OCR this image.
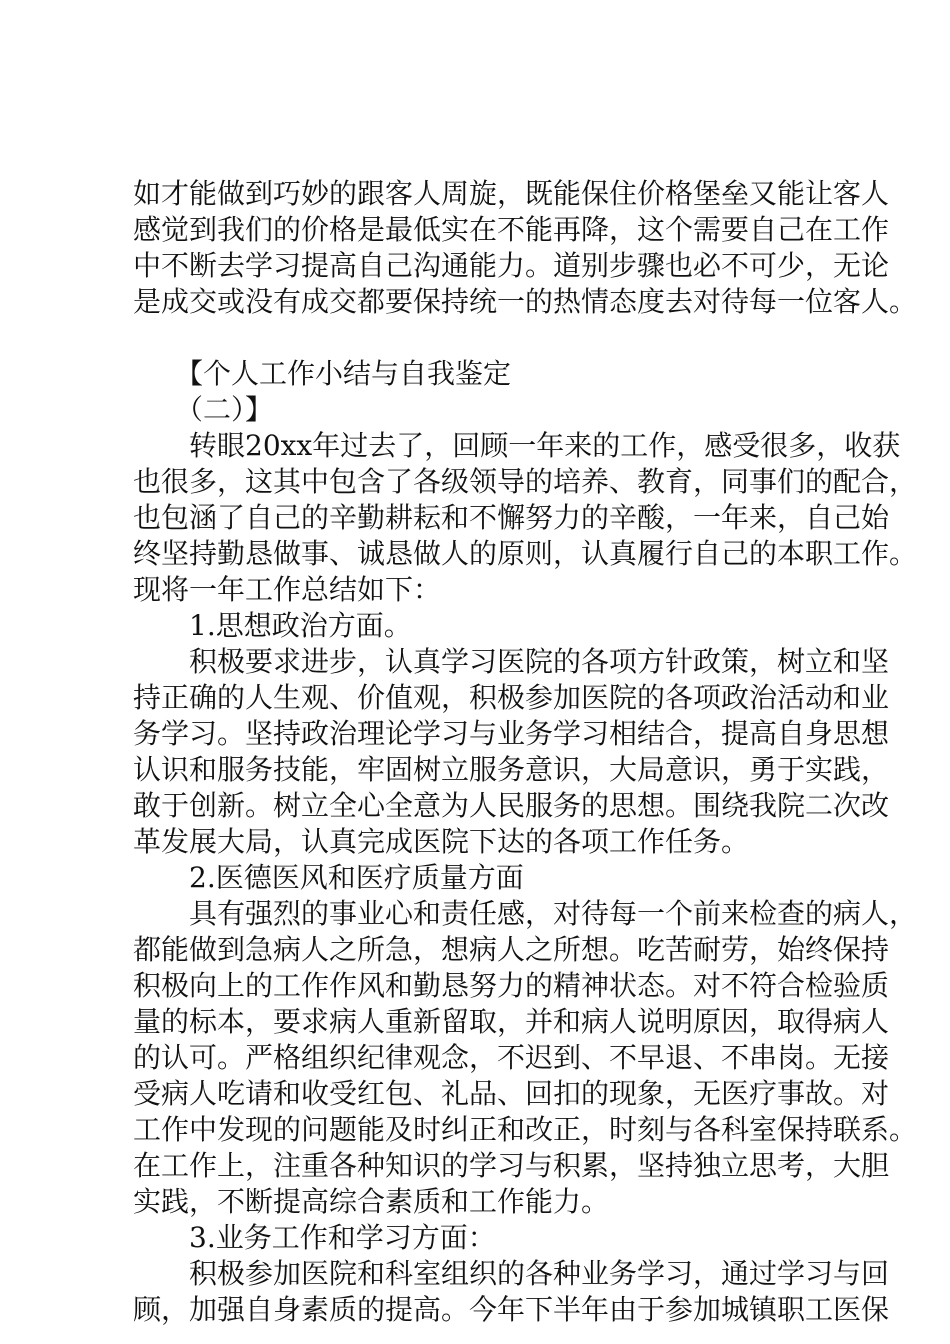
如才能做到巧妙的跟客人周旋，既能保住价格堡垒又能让客人
感觉到我们的价格是最低实在不能再降，这个需要自己在工作
中不断去学习提高自己沟通能力。道别步骤也必不可少，无论
是成交或没有成交都要保持统一的热情态度去对待每一位客人。
　　【个人工作小结与自我鉴定
　　（二）】
　　转眼20xx年过去了，回顾一年来的工作，感受很多，收获
也很多，这其中包含了各级领导的培养、教育，同事们的配合，
也包涵了自己的辛勤耕耘和不懈努力的辛酸，一年来，自己始
终坚持勤恳做事、诚恳做人的原则，认真履行自己的本职工作。
现将一年工作总结如下：
　　1.思想政治方面。
　　积极要求进步，认真学习医院的各项方针政策，树立和坚
持正确的人生观、价值观，积极参加医院的各项政治活动和业
务学习。坚持政治理论学习与业务学习相结合，提高自身思想
认识和服务技能，牢固树立服务意识，大局意识，勇于实践，
敢于创新。树立全心全意为人民服务的思想。围绕我院二次改
革发展大局，认真完成医院下达的各项工作任务。
　　2.医德医风和医疗质量方面
　　具有强烈的事业心和责任感，对待每一个前来检查的病人，
都能做到急病人之所急，想病人之所想。吃苦耐劳，始终保持
积极向上的工作作风和勤恳努力的精神状态。对不符合检验质
量的标本，要求病人重新留取，并和病人说明原因，取得病人
的认可。严格组织纪律观念，不迟到、不早退、不串岗。无接
受病人吃请和收受红包、礼品、回扣的现象，无医疗事故。对
工作中发现的问题能及时纠正和改正，时刻与各科室保持联系。
在工作上，注重各种知识的学习与积累，坚持独立思考，大胆
实践，不断提高综合素质和工作能力。
　　3.业务工作和学习方面：
　　积极参加医院和科室组织的各种业务学习，通过学习与回
顾，加强自身素质的提高。今年下半年由于参加城镇职工医保
